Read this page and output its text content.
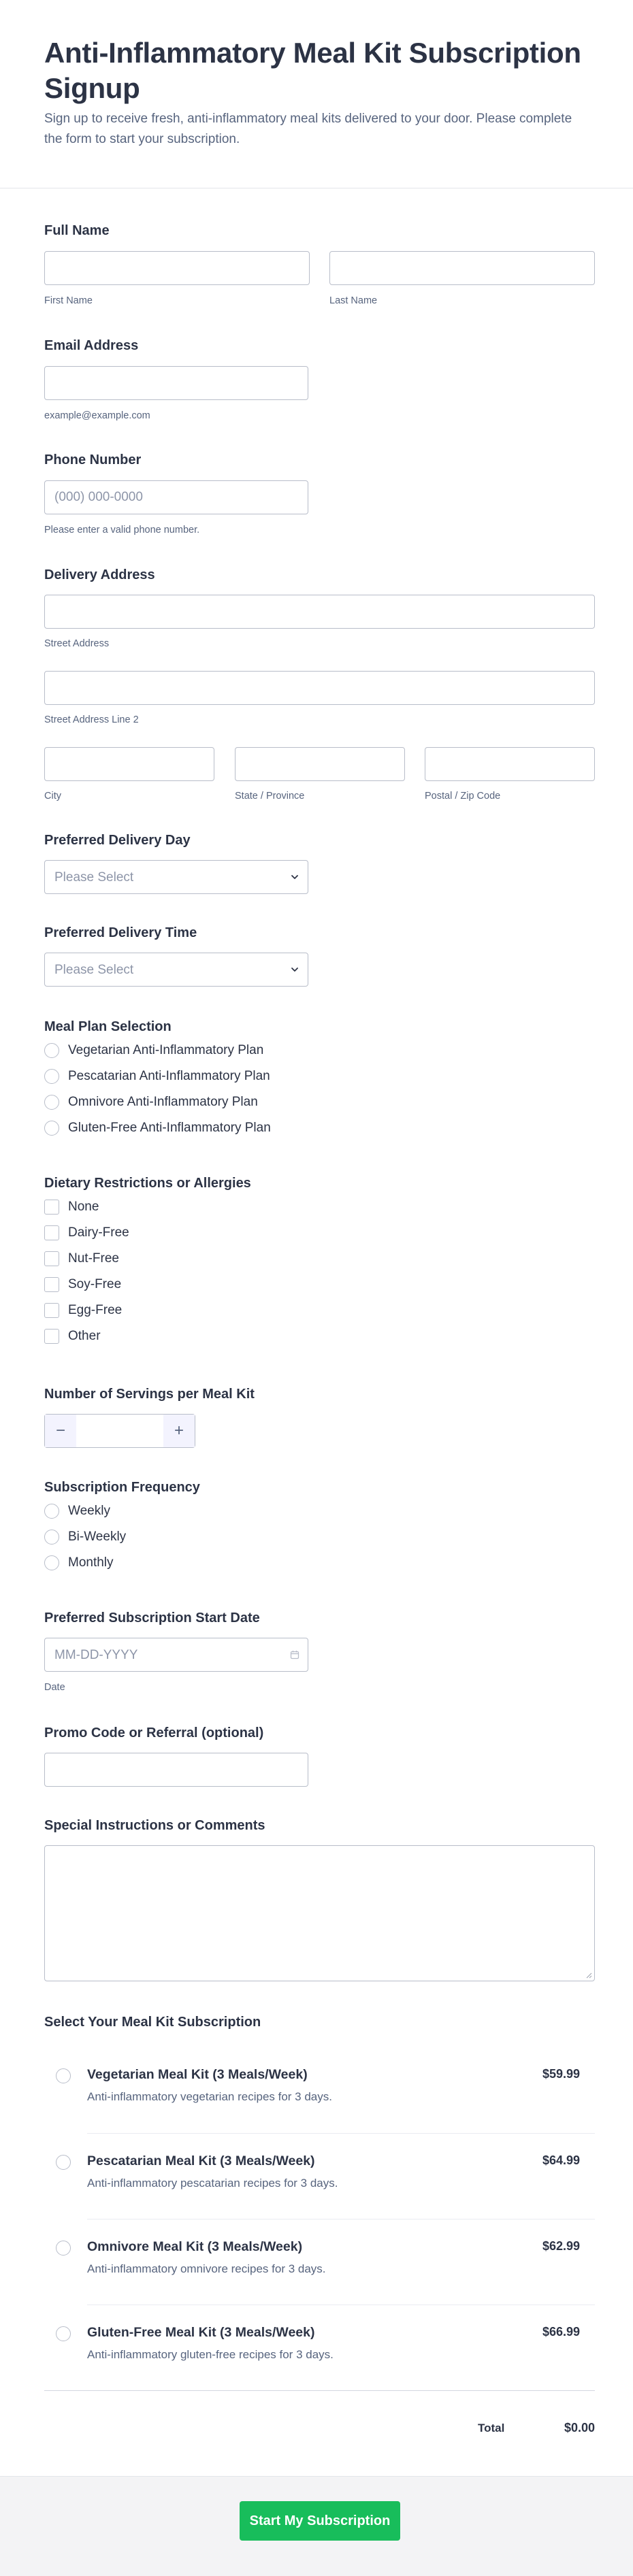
Anti-Inflammatory Meal Kit Subscription Signup

Sign up to receive fresh, anti-inflammatory meal kits delivered to your door. Please complete the form to start your subscription.

Full Name
First Name	Last Name
Email Address
example@example.com
Phone Number
(000) 000-0000
Please enter a valid phone number.
Delivery Address
Street Address
Street Address Line 2
City	State / Province	Postal / Zip Code
Preferred Delivery Day
Please Select
Preferred Delivery Time
Please Select
Meal Plan Selection
Vegetarian Anti-Inflammatory Plan
Pescatarian Anti-Inflammatory Plan
Omnivore Anti-Inflammatory Plan
Gluten-Free Anti-Inflammatory Plan
Dietary Restrictions or Allergies
None
Dairy-Free
Nut-Free
Soy-Free
Egg-Free
Other
Number of Servings per Meal Kit
−	+
Subscription Frequency
Weekly
Bi-Weekly
Monthly
Preferred Subscription Start Date
MM-DD-YYYY
Date
Promo Code or Referral (optional)
Special Instructions or Comments
Select Your Meal Kit Subscription
Vegetarian Meal Kit (3 Meals/Week)
Anti-inflammatory vegetarian recipes for 3 days.
$59.99
Pescatarian Meal Kit (3 Meals/Week)
Anti-inflammatory pescatarian recipes for 3 days.
$64.99
Omnivore Meal Kit (3 Meals/Week)
Anti-inflammatory omnivore recipes for 3 days.
$62.99
Gluten-Free Meal Kit (3 Meals/Week)
Anti-inflammatory gluten-free recipes for 3 days.
$66.99
Total	$0.00
Start My Subscription
